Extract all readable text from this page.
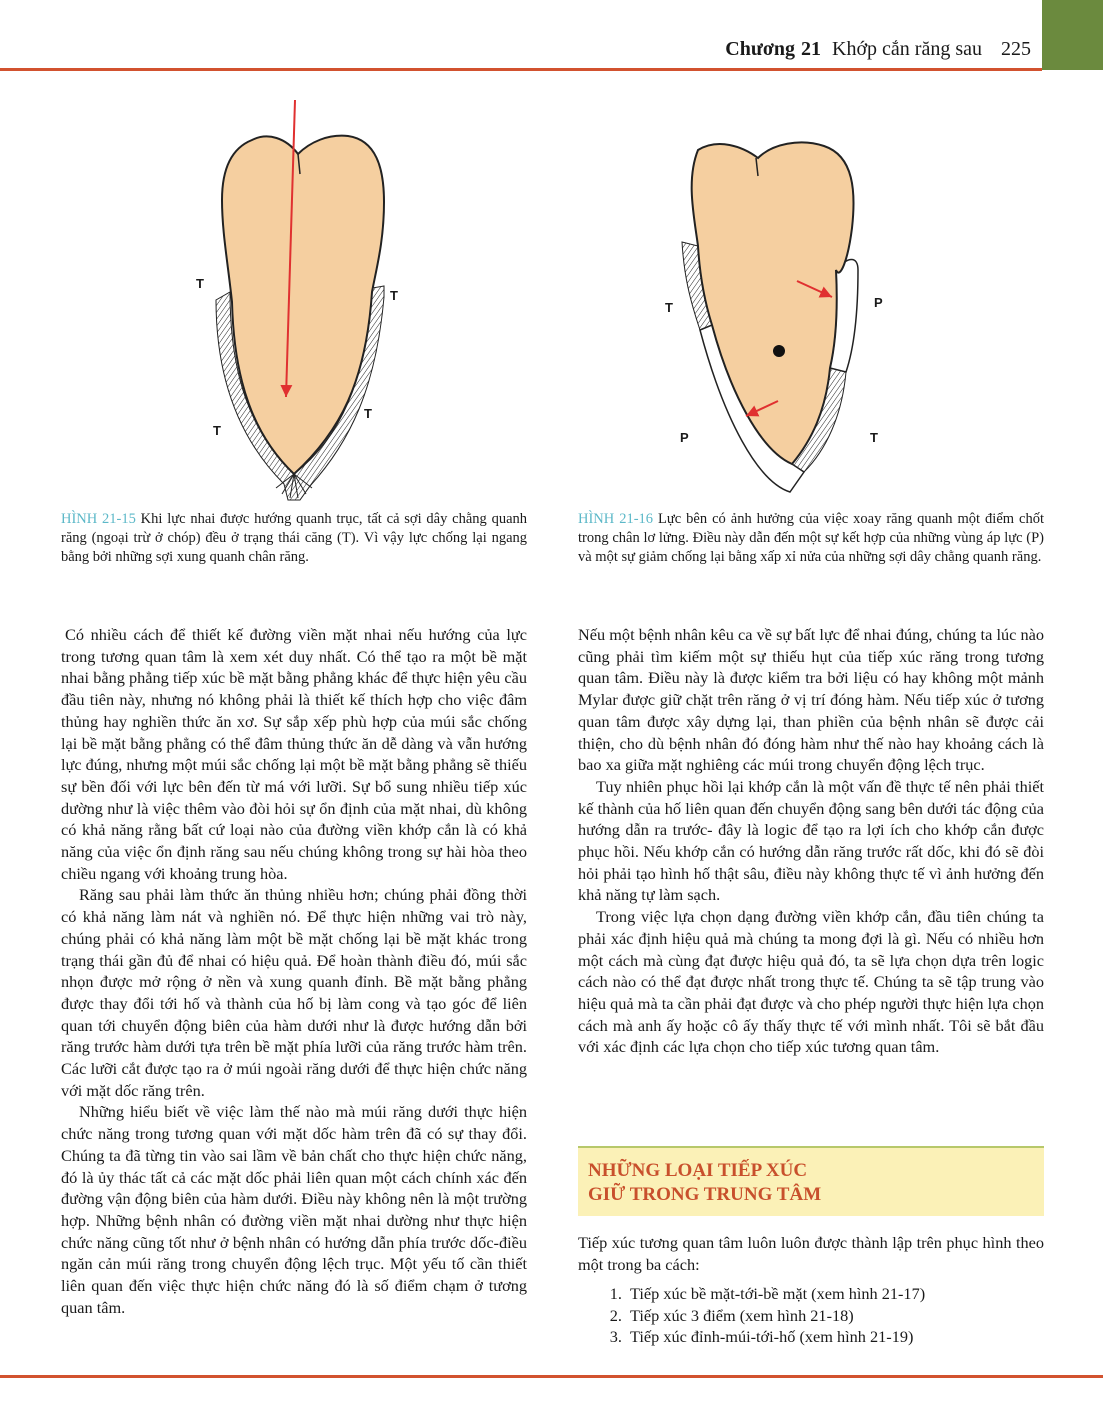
Chương 21 Khớp cắn răng sau 225
T
T
T
T
T	P
P	T
HÌNH 21-15 Khi lực nhai được hướng quanh trục, tất cả sợi dây chằng quanh răng (ngoại trừ ở chóp) đều ở trạng thái căng (T). Vì vậy lực chống lại ngang bằng bởi những sợi xung quanh chân răng.
HÌNH 21-16 Lực bên có ảnh hưởng của việc xoay răng quanh một điểm chốt trong chân lơ lửng. Điều này dẫn đến một sự kết hợp của những vùng áp lực (P) và một sự giảm chống lại bằng xấp xỉ nửa của những sợi dây chằng quanh răng.

Có nhiều cách để thiết kế đường viền mặt nhai nếu hướng của lực trong tương quan tâm là xem xét duy nhất. Có thể tạo ra một bề mặt nhai bằng phẳng tiếp xúc bề mặt bằng phẳng khác để thực hiện yêu cầu đầu tiên này, nhưng nó không phải là thiết kế thích hợp cho việc đâm thủng hay nghiền thức ăn xơ. Sự sắp xếp phù hợp của múi sắc chống lại bề mặt bằng phẳng có thể đâm thủng thức ăn dễ dàng và vẫn hướng lực đúng, nhưng một múi sắc chống lại một bề mặt bằng phẳng sẽ thiếu sự bền đối với lực bên đến từ má với lưỡi. Sự bổ sung nhiều tiếp xúc dường như là việc thêm vào đòi hỏi sự ổn định của mặt nhai, dù không có khả năng rằng bất cứ loại nào của đường viền khớp cắn là có khả năng của việc ổn định răng sau nếu chúng không trong sự hài hòa theo chiều ngang với khoảng trung hòa.

Răng sau phải làm thức ăn thủng nhiều hơn; chúng phải đồng thời có khả năng làm nát và nghiền nó. Để thực hiện những vai trò này, chúng phải có khả năng làm một bề mặt chống lại bề mặt khác trong trạng thái gần đủ để nhai có hiệu quả. Để hoàn thành điều đó, múi sắc nhọn được mở rộng ở nền và xung quanh đỉnh. Bề mặt bằng phẳng được thay đổi tới hố và thành của hố bị làm cong và tạo góc để liên quan tới chuyển động biên của hàm dưới như là được hướng dẫn bởi răng trước hàm dưới tựa trên bề mặt phía lưỡi của răng trước hàm trên. Các lưỡi cắt được tạo ra ở múi ngoài răng dưới để thực hiện chức năng với mặt dốc răng trên.

Những hiểu biết về việc làm thế nào mà múi răng dưới thực hiện chức năng trong tương quan với mặt dốc hàm trên đã có sự thay đổi. Chúng ta đã từng tin vào sai lầm về bản chất cho thực hiện chức năng, đó là ủy thác tất cả các mặt dốc phải liên quan một cách chính xác đến đường vận động biên của hàm dưới. Điều này không nên là một trường hợp. Những bệnh nhân có đường viền mặt nhai dường như thực hiện chức năng cũng tốt như ở bệnh nhân có hướng dẫn phía trước dốc-điều ngăn cản múi răng trong chuyển động lệch trục. Một yếu tố cần thiết liên quan đến việc thực hiện chức năng đó là số điểm chạm ở tương quan tâm.

Nếu một bệnh nhân kêu ca về sự bất lực để nhai đúng, chúng ta lúc nào cũng phải tìm kiếm một sự thiếu hụt của tiếp xúc răng trong tương quan tâm. Điều này là được kiểm tra bởi liệu có hay không một mảnh Mylar được giữ chặt trên răng ở vị trí đóng hàm. Nếu tiếp xúc ở tương quan tâm được xây dựng lại, than phiền của bệnh nhân sẽ được cải thiện, cho dù bệnh nhân đó đóng hàm như thế nào hay khoảng cách là bao xa giữa mặt nghiêng các múi trong chuyển động lệch trục.

Tuy nhiên phục hồi lại khớp cắn là một vấn đề thực tế nên phải thiết kế thành của hố liên quan đến chuyển động sang bên dưới tác động của hướng dẫn ra trước- đây là logic để tạo ra lợi ích cho khớp cắn được phục hồi. Nếu khớp cắn có hướng dẫn răng trước rất dốc, khi đó sẽ đòi hỏi phải tạo hình hố thật sâu, điều này không thực tế vì ảnh hưởng đến khả năng tự làm sạch.

Trong việc lựa chọn dạng đường viền khớp cắn, đầu tiên chúng ta phải xác định hiệu quả mà chúng ta mong đợi là gì. Nếu có nhiều hơn một cách mà cùng đạt được hiệu quả đó, ta sẽ lựa chọn dựa trên logic cách nào có thể đạt được nhất trong thực tế. Chúng ta sẽ tập trung vào hiệu quả mà ta cần phải đạt được và cho phép người thực hiện lựa chọn cách mà anh ấy hoặc cô ấy thấy thực tế với mình nhất. Tôi sẽ bắt đầu với xác định các lựa chọn cho tiếp xúc tương quan tâm.

NHỮNG LOẠI TIẾP XÚC
GIỮ TRONG TRUNG TÂM

Tiếp xúc tương quan tâm luôn luôn được thành lập trên phục hình theo một trong ba cách:

1. Tiếp xúc bề mặt-tới-bề mặt (xem hình 21-17)
2. Tiếp xúc 3 điểm (xem hình 21-18)
3. Tiếp xúc đỉnh-múi-tới-hố (xem hình 21-19)
